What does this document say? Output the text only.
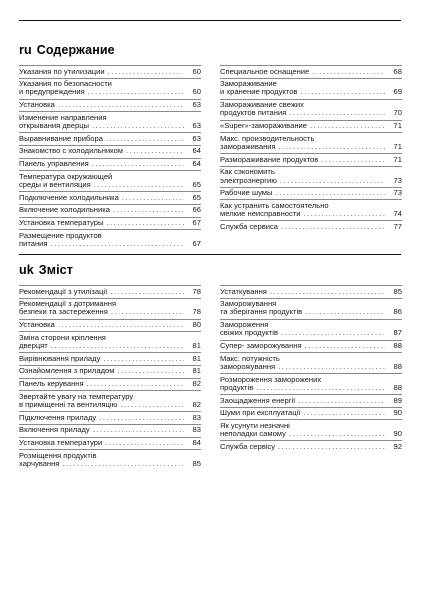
ru Содержание
Указания по утилизации .....	60
Указания по безопасности
и предупреждения .....	60
Установка .....	63
Изменение направления
открывания дверцы .....	63
Выравнивание прибора .....	63
Знакомство с холодильником .....	64
Панель управления .....	64
Температура окружающей
среды и вентиляция .....	65
Подключение холодильника .....	65
Включение холодильника .....	66
Установка температуры .....	67
Размещение продуктов
питания .....	67
Специальное оснащение .....	68
Замораживание
и хранение продуктов .....	69
Замораживание свежих
продуктов питания .....	70
«Super»-замораживание .....	71
Макс. производительность
замораживания .....	71
Размораживание продуктов .....	71
Как сэкономить
электроэнергию .....	73
Рабочие шумы .....	73
Как устранить самостоятельно
мелкие неисправности .....	74
Служба сервиса .....	77
uk Зміст
Рекомендації з утилізації .....	78
Рекомендації з дотримання
безпеки та застереження .....	78
Установка .....	80
Зміна сторони кріплення
дверцят .....	81
Вирівнювання приладу .....	81
Ознайомлення з приладом .....	81
Панель керування .....	82
Звертайте увагу на температуру
в приміщенні та вентиляцію .....	82
Підключення приладу .....	83
Включення приладу .....	83
Установка температури .....	84
Розміщення продуктів
харчування .....	85
Устаткування .....	85
Заморожування
та зберігання продуктів .....	86
Замороження
свіжих продуктів .....	87
Супер- заморожування .....	88
Макс. потужність
заморожування .....	88
Розмороження заморожених
продуктів .....	88
Заощадження енергії .....	89
Шуми при експлуатації .....	90
Як усунути незначні
неполадки самому .....	90
Служба сервісу .....	92
